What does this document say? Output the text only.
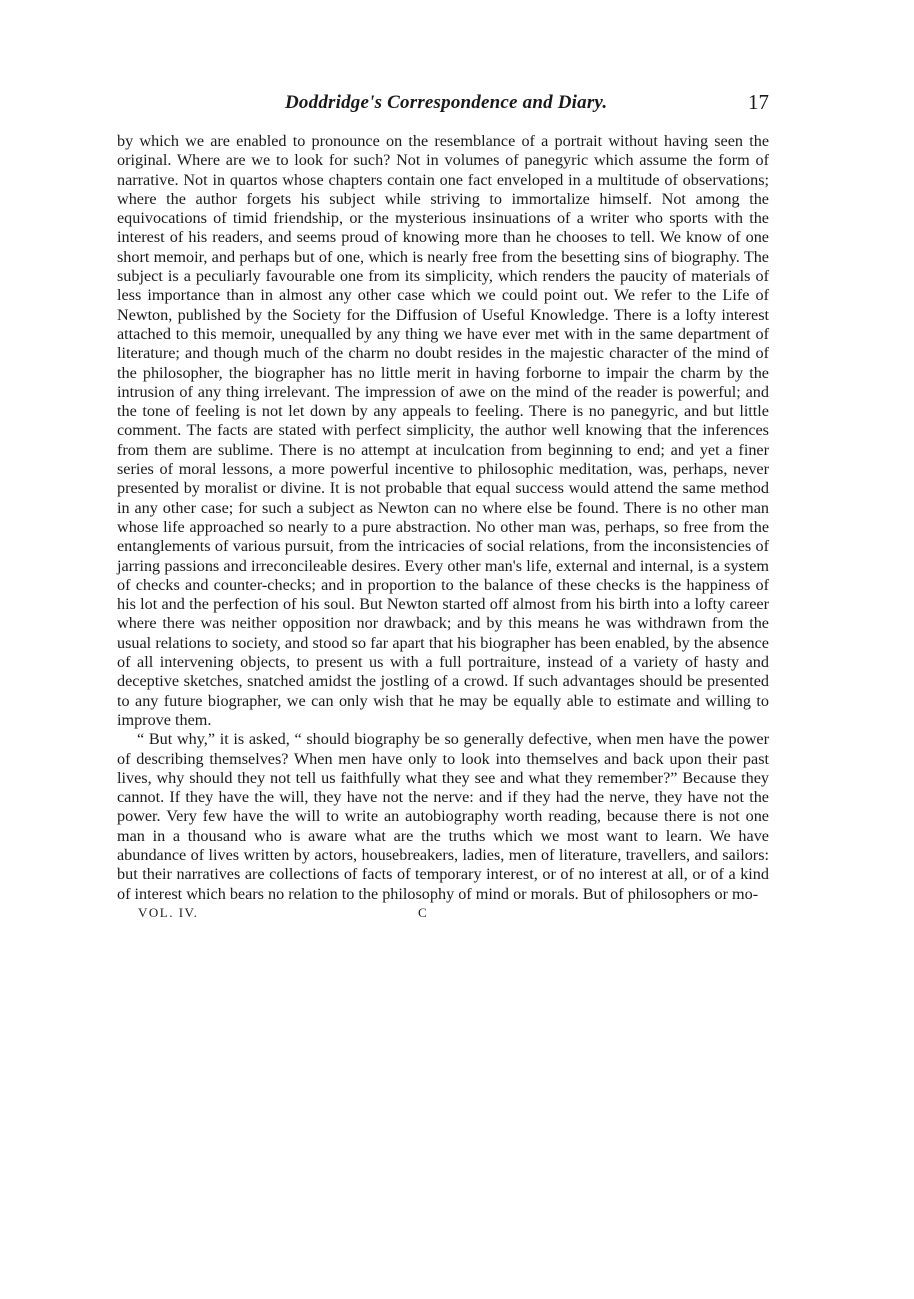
Doddridge's Correspondence and Diary.	17

by which we are enabled to pronounce on the resemblance of a portrait without having seen the original. Where are we to look for such? Not in volumes of panegyric which assume the form of narrative. Not in quartos whose chapters contain one fact enveloped in a multitude of observations; where the author forgets his subject while striving to immortalize himself. Not among the equivocations of timid friendship, or the mysterious insinuations of a writer who sports with the interest of his readers, and seems proud of knowing more than he chooses to tell. We know of one short memoir, and perhaps but of one, which is nearly free from the besetting sins of biography. The subject is a peculiarly favourable one from its simplicity, which renders the paucity of materials of less importance than in almost any other case which we could point out. We refer to the Life of Newton, published by the Society for the Diffusion of Useful Knowledge. There is a lofty interest attached to this memoir, unequalled by any thing we have ever met with in the same department of literature; and though much of the charm no doubt resides in the majestic character of the mind of the philosopher, the biographer has no little merit in having forborne to impair the charm by the intrusion of any thing irrelevant. The impression of awe on the mind of the reader is powerful; and the tone of feeling is not let down by any appeals to feeling. There is no panegyric, and but little comment. The facts are stated with perfect simplicity, the author well knowing that the inferences from them are sublime. There is no attempt at inculcation from beginning to end; and yet a finer series of moral lessons, a more powerful incentive to philosophic meditation, was, perhaps, never presented by moralist or divine. It is not probable that equal success would attend the same method in any other case; for such a subject as Newton can no where else be found. There is no other man whose life approached so nearly to a pure abstraction. No other man was, perhaps, so free from the entanglements of various pursuit, from the intricacies of social relations, from the inconsistencies of jarring passions and irreconcileable desires. Every other man's life, external and internal, is a system of checks and counter-checks; and in proportion to the balance of these checks is the happiness of his lot and the perfection of his soul. But Newton started off almost from his birth into a lofty career where there was neither opposition nor drawback; and by this means he was withdrawn from the usual relations to society, and stood so far apart that his biographer has been enabled, by the absence of all intervening objects, to present us with a full portraiture, instead of a variety of hasty and deceptive sketches, snatched amidst the jostling of a crowd. If such advantages should be presented to any future biographer, we can only wish that he may be equally able to estimate and willing to improve them.

“ But why,” it is asked, “ should biography be so generally defective, when men have the power of describing themselves? When men have only to look into themselves and back upon their past lives, why should they not tell us faithfully what they see and what they remember?” Because they cannot. If they have the will, they have not the nerve: and if they had the nerve, they have not the power. Very few have the will to write an autobiography worth reading, because there is not one man in a thousand who is aware what are the truths which we most want to learn. We have abundance of lives written by actors, housebreakers, ladies, men of literature, travellers, and sailors: but their narratives are collections of facts of temporary interest, or of no interest at all, or of a kind of interest which bears no relation to the philosophy of mind or morals. But of philosophers or mo-

VOL. IV.	C
